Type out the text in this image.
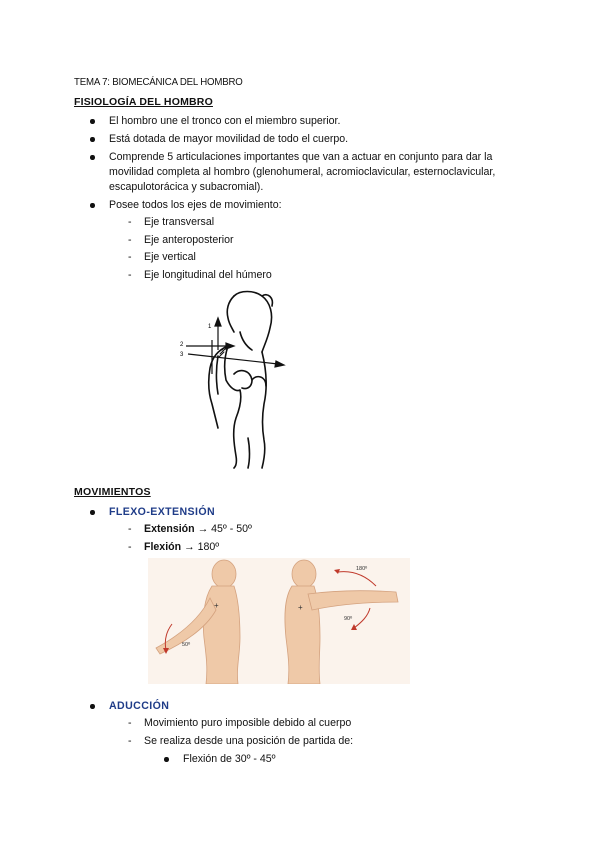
TEMA 7: BIOMECÁNICA DEL HOMBRO
FISIOLOGÍA DEL HOMBRO
El hombro une el tronco con el miembro superior.
Está dotada de mayor movilidad de todo el cuerpo.
Comprende 5 articulaciones importantes que van a actuar en conjunto para dar la movilidad completa al hombro (glenohumeral, acromioclavicular, esternoclavicular, escapulotorácica y subacromial).
Posee todos los ejes de movimiento:
- Eje transversal
- Eje anteroposterior
- Eje vertical
- Eje longitudinal del húmero
1
2
3
MOVIMIENTOS
FLEXO-EXTENSIÓN
- Extensión → 45º - 50º
- Flexión → 180º
50º
+
180º
90º
+
ADUCCIÓN
- Movimiento puro imposible debido al cuerpo
- Se realiza desde una posición de partida de:
Flexión de 30º - 45º
